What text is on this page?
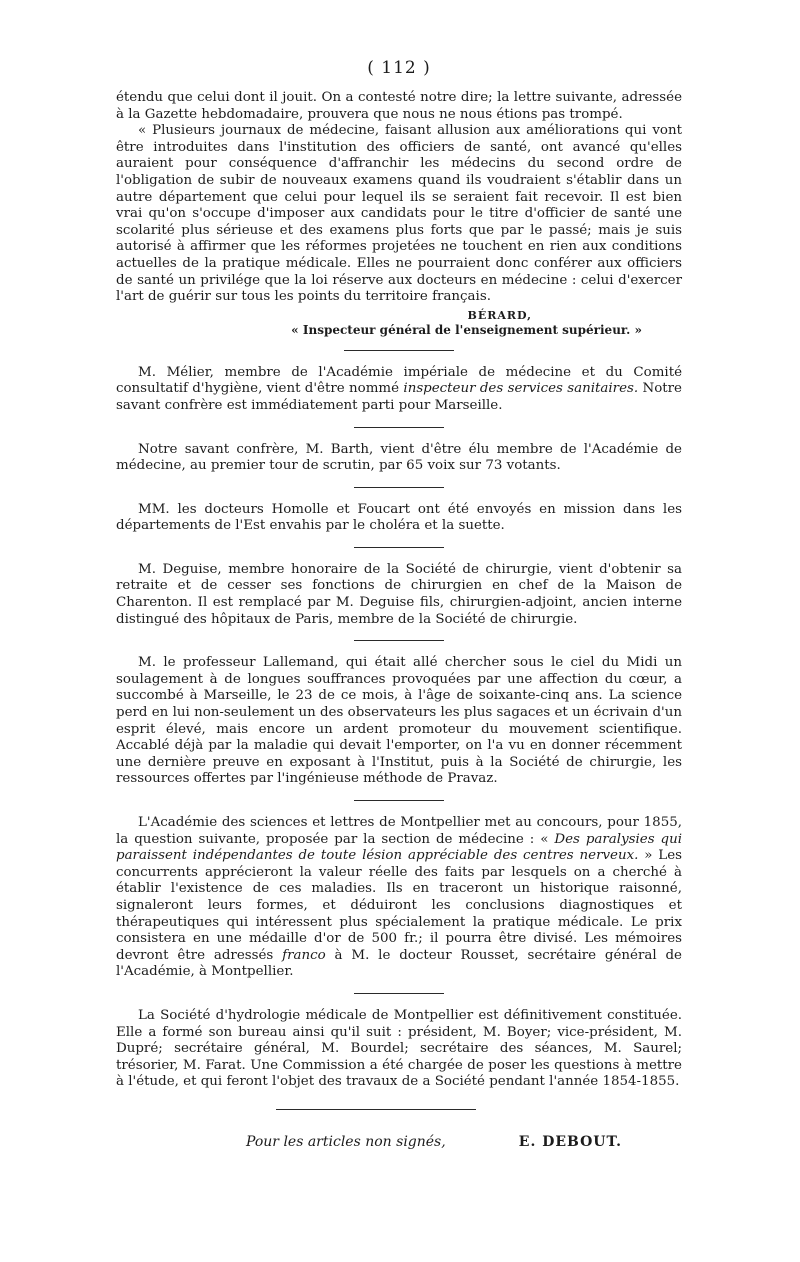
( 112 )

étendu que celui dont il jouit. On a contesté notre dire; la lettre suivante, adressée à la Gazette hebdomadaire, prouvera que nous ne nous étions pas trompé.

« Plusieurs journaux de médecine, faisant allusion aux améliorations qui vont être introduites dans l'institution des officiers de santé, ont avancé qu'elles auraient pour conséquence d'affranchir les médecins du second ordre de l'obligation de subir de nouveaux examens quand ils voudraient s'établir dans un autre département que celui pour lequel ils se seraient fait recevoir. Il est bien vrai qu'on s'occupe d'imposer aux candidats pour le titre d'officier de santé une scolarité plus sérieuse et des examens plus forts que par le passé; mais je suis autorisé à affirmer que les réformes projetées ne touchent en rien aux conditions actuelles de la pratique médicale. Elles ne pourraient donc conférer aux officiers de santé un privilége que la loi réserve aux docteurs en médecine : celui d'exercer l'art de guérir sur tous les points du territoire français.

BÉRARD,
« Inspecteur général de l'enseignement supérieur. »

M. Mélier, membre de l'Académie impériale de médecine et du Comité consultatif d'hygiène, vient d'être nommé inspecteur des services sanitaires. Notre savant confrère est immédiatement parti pour Marseille.

Notre savant confrère, M. Barth, vient d'être élu membre de l'Académie de médecine, au premier tour de scrutin, par 65 voix sur 73 votants.

MM. les docteurs Homolle et Foucart ont été envoyés en mission dans les départements de l'Est envahis par le choléra et la suette.

M. Deguise, membre honoraire de la Société de chirurgie, vient d'obtenir sa retraite et de cesser ses fonctions de chirurgien en chef de la Maison de Charenton. Il est remplacé par M. Deguise fils, chirurgien-adjoint, ancien interne distingué des hôpitaux de Paris, membre de la Société de chirurgie.

M. le professeur Lallemand, qui était allé chercher sous le ciel du Midi un soulagement à de longues souffrances provoquées par une affection du cœur, a succombé à Marseille, le 23 de ce mois, à l'âge de soixante-cinq ans. La science perd en lui non-seulement un des observateurs les plus sagaces et un écrivain d'un esprit élevé, mais encore un ardent promoteur du mouvement scientifique. Accablé déjà par la maladie qui devait l'emporter, on l'a vu en donner récemment une dernière preuve en exposant à l'Institut, puis à la Société de chirurgie, les ressources offertes par l'ingénieuse méthode de Pravaz.

L'Académie des sciences et lettres de Montpellier met au concours, pour 1855, la question suivante, proposée par la section de médecine : « Des paralysies qui paraissent indépendantes de toute lésion appréciable des centres nerveux. » Les concurrents apprécieront la valeur réelle des faits par lesquels on a cherché à établir l'existence de ces maladies. Ils en traceront un historique raisonné, signaleront leurs formes, et déduiront les conclusions diagnostiques et thérapeutiques qui intéressent plus spécialement la pratique médicale. Le prix consistera en une médaille d'or de 500 fr.; il pourra être divisé. Les mémoires devront être adressés franco à M. le docteur Rousset, secrétaire général de l'Académie, à Montpellier.

La Société d'hydrologie médicale de Montpellier est définitivement constituée. Elle a formé son bureau ainsi qu'il suit : président, M. Boyer; vice-président, M. Dupré; secrétaire général, M. Bourdel; secrétaire des séances, M. Saurel; trésorier, M. Farat. Une Commission a été chargée de poser les questions à mettre à l'étude, et qui feront l'objet des travaux de a Société pendant l'année 1854-1855.

Pour les articles non signés,	E. DEBOUT.
